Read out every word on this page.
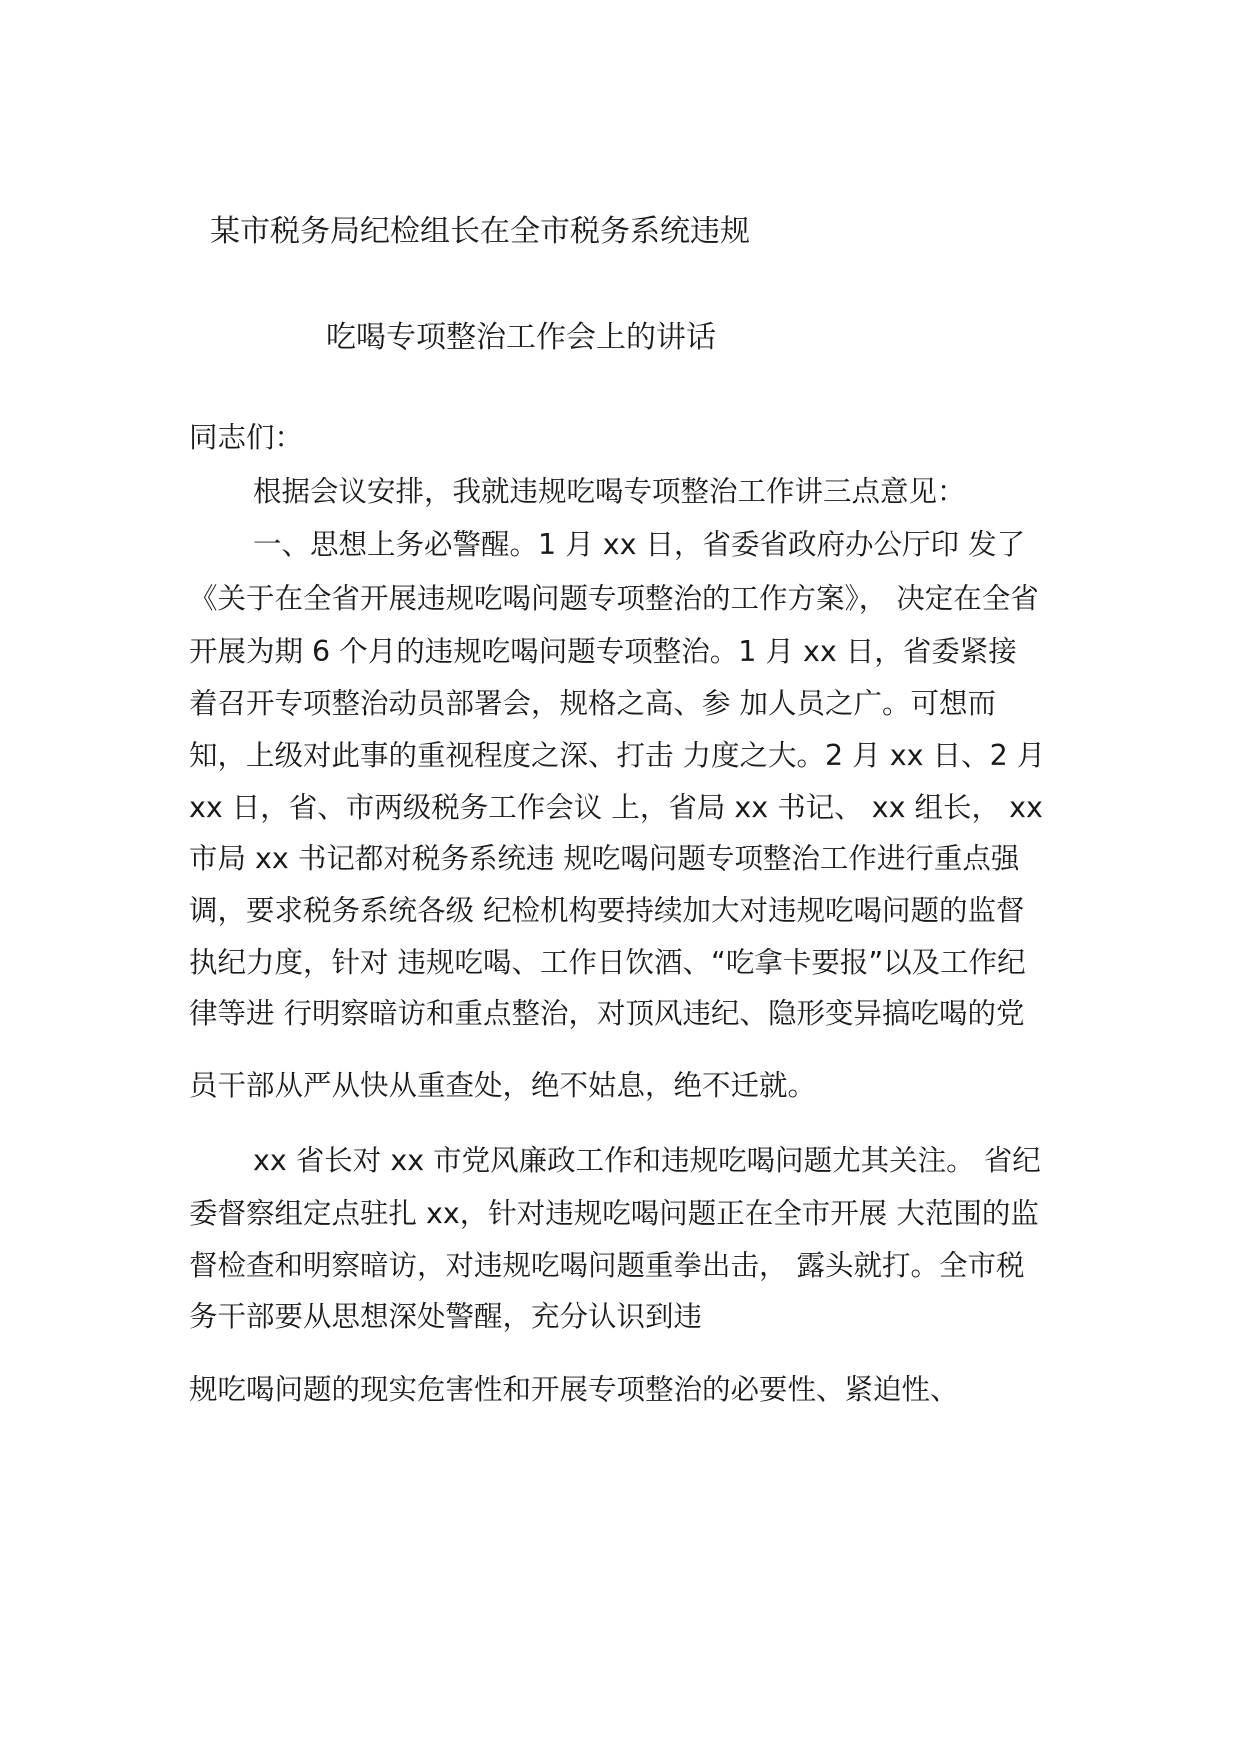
某市税务局纪检组长在全市税务系统违规
吃喝专项整治工作会上的讲话
同志们：
根据会议安排，我就违规吃喝专项整治工作讲三点意见：
一、思想上务必警醒。1 月 xx 日，省委省政府办公厅印 发了
《关于在全省开展违规吃喝问题专项整治的工作方案》， 决定在全省
开展为期 6 个月的违规吃喝问题专项整治。1 月 xx 日，省委紧接
着召开专项整治动员部署会，规格之高、参 加人员之广。可想而
知，上级对此事的重视程度之深、打击 力度之大。2 月 xx 日、2 月
xx 日，省、市两级税务工作会议 上，省局 xx 书记、 xx 组长， xx
市局 xx 书记都对税务系统违 规吃喝问题专项整治工作进行重点强
调，要求税务系统各级 纪检机构要持续加大对违规吃喝问题的监督
执纪力度，针对 违规吃喝、工作日饮酒、“吃拿卡要报”以及工作纪
律等进 行明察暗访和重点整治，对顶风违纪、隐形变异搞吃喝的党
员干部从严从快从重查处，绝不姑息，绝不迁就。
xx 省长对 xx 市党风廉政工作和违规吃喝问题尤其关注。 省纪
委督察组定点驻扎 xx，针对违规吃喝问题正在全市开展 大范围的监
督检查和明察暗访，对违规吃喝问题重拳出击， 露头就打。全市税
务干部要从思想深处警醒，充分认识到违
规吃喝问题的现实危害性和开展专项整治的必要性、紧迫性、
